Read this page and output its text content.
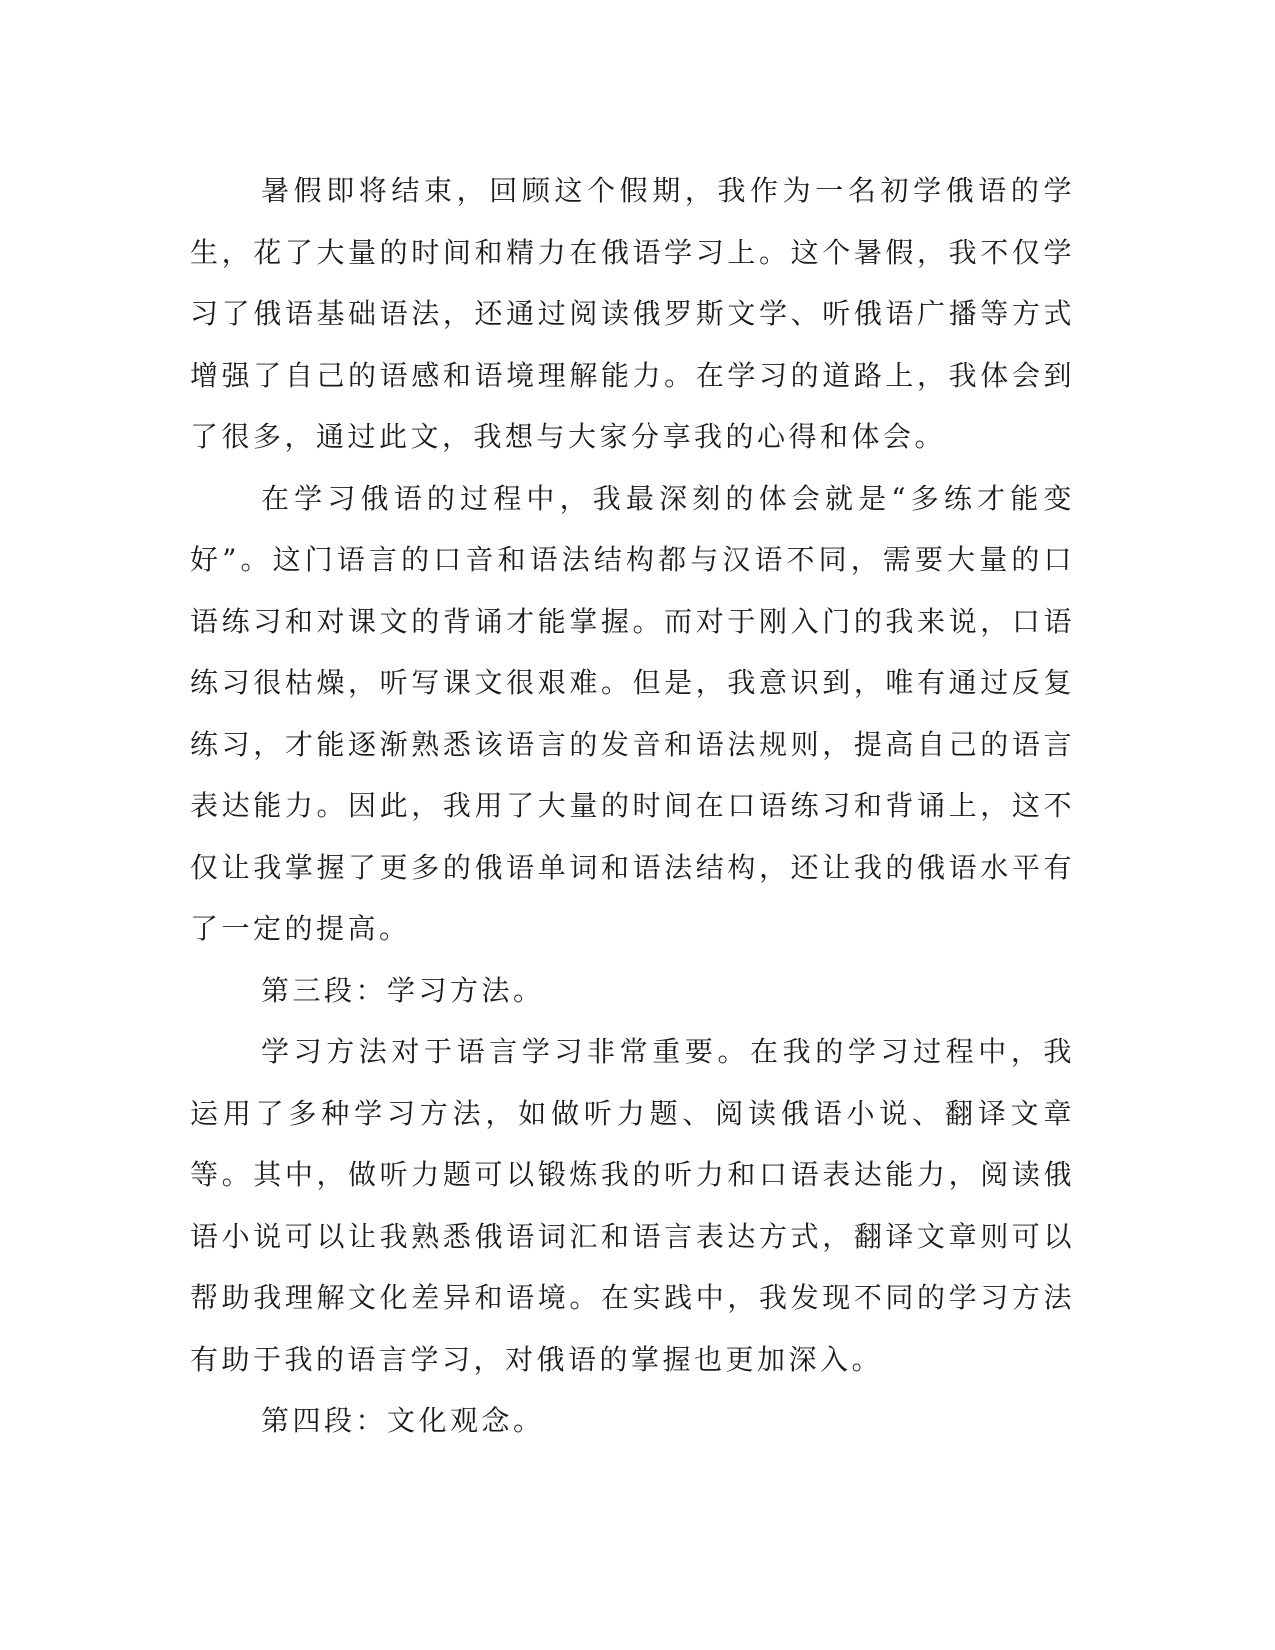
暑假即将结束，回顾这个假期，我作为一名初学俄语的学生，花了大量的时间和精力在俄语学习上。这个暑假，我不仅学习了俄语基础语法，还通过阅读俄罗斯文学、听俄语广播等方式增强了自己的语感和语境理解能力。在学习的道路上，我体会到了很多，通过此文，我想与大家分享我的心得和体会。

在学习俄语的过程中，我最深刻的体会就是“多练才能变好”。这门语言的口音和语法结构都与汉语不同，需要大量的口语练习和对课文的背诵才能掌握。而对于刚入门的我来说，口语练习很枯燥，听写课文很艰难。但是，我意识到，唯有通过反复练习，才能逐渐熟悉该语言的发音和语法规则，提高自己的语言表达能力。因此，我用了大量的时间在口语练习和背诵上，这不仅让我掌握了更多的俄语单词和语法结构，还让我的俄语水平有了一定的提高。

第三段：学习方法。

学习方法对于语言学习非常重要。在我的学习过程中，我运用了多种学习方法，如做听力题、阅读俄语小说、翻译文章等。其中，做听力题可以锻炼我的听力和口语表达能力，阅读俄语小说可以让我熟悉俄语词汇和语言表达方式，翻译文章则可以帮助我理解文化差异和语境。在实践中，我发现不同的学习方法有助于我的语言学习，对俄语的掌握也更加深入。

第四段：文化观念。
